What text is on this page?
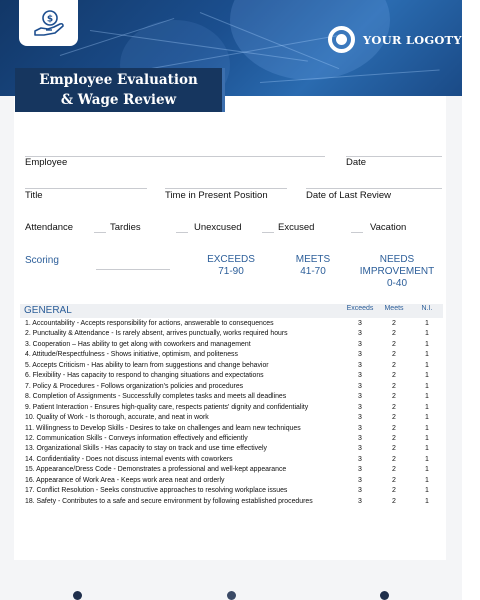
$
YOUR LOGOTYPE
Employee Evaluation
& Wage Review
Employee	Date
Title	Time in Present Position	Date of Last Review
Attendance	Tardies	Unexcused	Excused	Vacation
Scoring	EXCEEDS
71-90
MEETS
41-70
NEEDS
IMPROVEMENT
0-40
GENERAL	Exceeds	Meets	N.I.
1. Accountability - Accepts responsibility for actions, answerable to consequences	3	2	1
2. Punctuality & Attendance - Is rarely absent, arrives punctually, works required hours	3	2	1
3. Cooperation – Has ability to get along with coworkers and management	3	2	1
4. Attitude/Respectfulness - Shows initiative, optimism, and politeness	3	2	1
5. Accepts Criticism - Has ability to learn from suggestions and change behavior	3	2	1
6. Flexibility - Has capacity to respond to changing situations and expectations	3	2	1
7. Policy & Procedures - Follows organization's policies and procedures	3	2	1
8. Completion of Assignments - Successfully completes tasks and meets all deadlines	3	2	1
9. Patient Interaction - Ensures high-quality care, respects patients' dignity and confidentiality	3	2	1
10. Quality of Work - Is thorough, accurate, and neat in work	3	2	1
11. Willingness to Develop Skills - Desires to take on challenges and learn new techniques	3	2	1
12. Communication Skills - Conveys information effectively and efficiently	3	2	1
13. Organizational Skills - Has capacity to stay on track and use time effectively	3	2	1
14. Confidentiality - Does not discuss internal events with coworkers	3	2	1
15. Appearance/Dress Code - Demonstrates a professional and well-kept appearance	3	2	1
16. Appearance of Work Area - Keeps work area neat and orderly	3	2	1
17. Conflict Resolution - Seeks constructive approaches to resolving workplace issues	3	2	1
18. Safety - Contributes to a safe and secure environment by following established procedures	3	2	1
